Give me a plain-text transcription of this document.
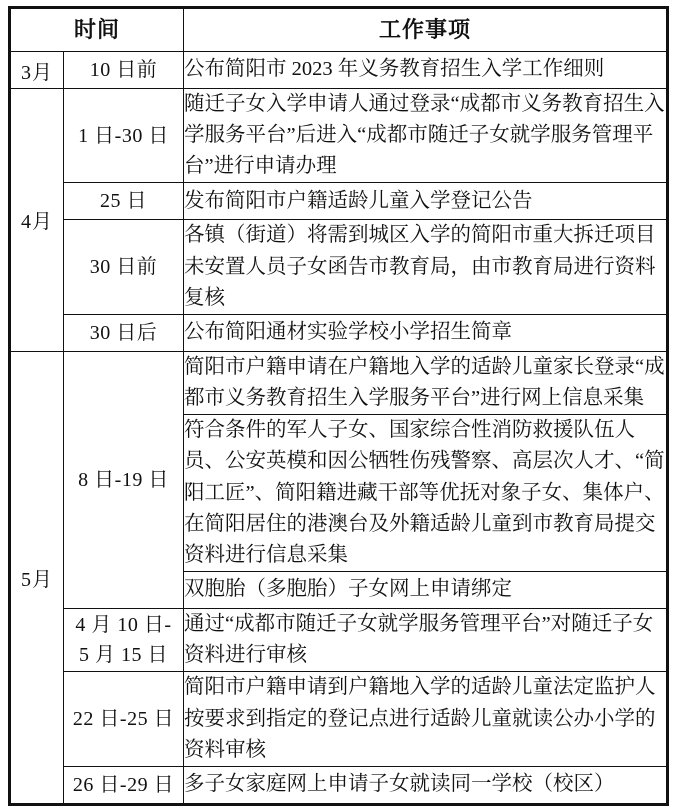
时间		工作事项
3月	10 日前	公布简阳市 2023 年义务教育招生入学工作细则
4月	1 日-30 日	随迁子女入学申请人通过登录“成都市义务教育招生入学服务平台”后进入“成都市随迁子女就学服务管理平台”进行申请办理

	25 日	发布简阳市户籍适龄儿童入学登记公告

	30 日前	各镇（街道）将需到城区入学的简阳市重大拆迁项目未安置人员子女函告市教育局，由市教育局进行资料复核

	30 日后	公布简阳通材实验学校小学招生简章
5月	8 日-19 日	简阳市户籍申请在户籍地入学的适龄儿童家长登录“成都市义务教育招生入学服务平台”进行网上信息采集
		符合条件的军人子女、国家综合性消防救援队伍人员、公安英模和因公牺牲伤残警察、高层次人才、“简阳工匠”、简阳籍进藏干部等优抚对象子女、集体户、在简阳居住的港澳台及外籍适龄儿童到市教育局提交资料进行信息采集
		双胞胎（多胞胎）子女网上申请绑定

	4 月 10 日-
5 月 15 日	通过“成都市随迁子女就学服务管理平台”对随迁子女资料进行审核

	22 日-25 日	简阳市户籍申请到户籍地入学的适龄儿童法定监护人按要求到指定的登记点进行适龄儿童就读公办小学的资料审核

	26 日-29 日	多子女家庭网上申请子女就读同一学校（校区）
